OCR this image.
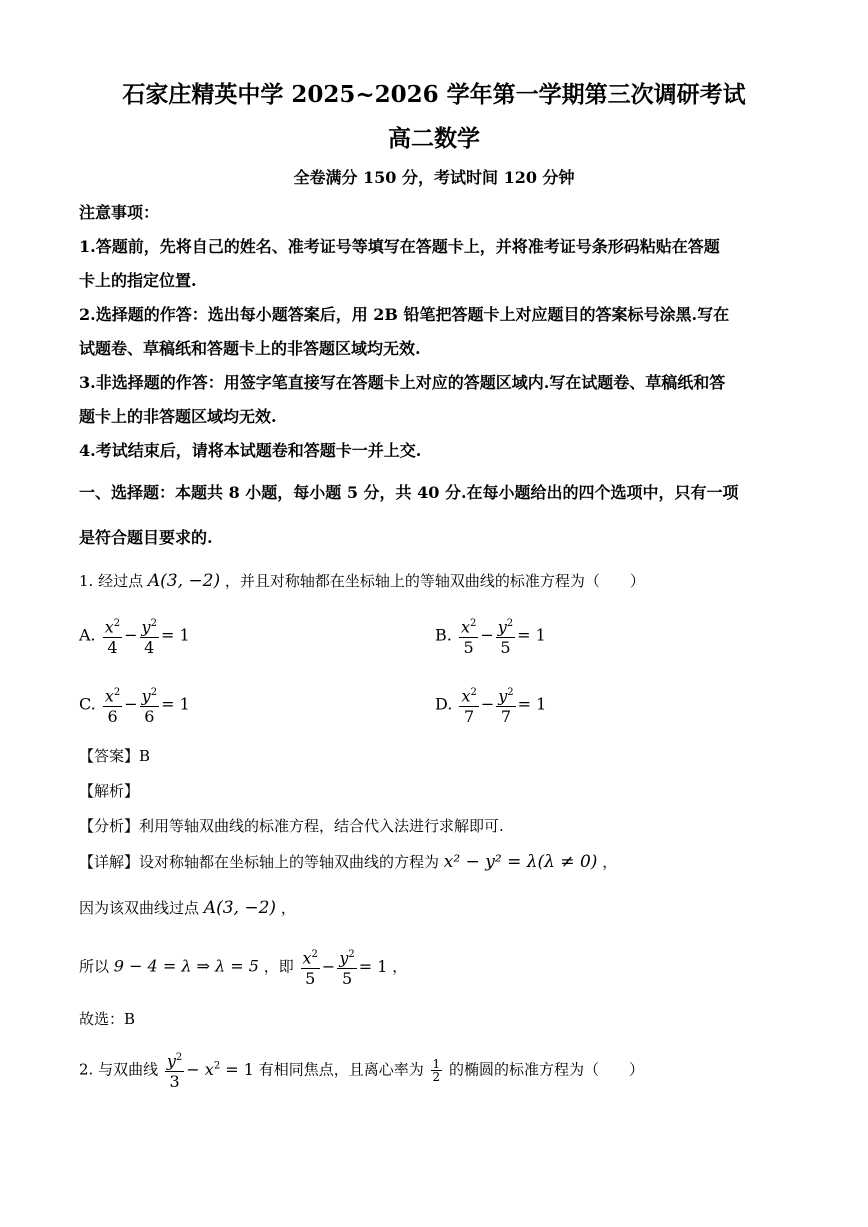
石家庄精英中学 2025~2026 学年第一学期第三次调研考试
高二数学
全卷满分 150 分，考试时间 120 分钟
注意事项：
1.答题前，先将自己的姓名、准考证号等填写在答题卡上，并将准考证号条形码粘贴在答题
卡上的指定位置.
2.选择题的作答：选出每小题答案后，用 2B 铅笔把答题卡上对应题目的答案标号涂黑.写在
试题卷、草稿纸和答题卡上的非答题区域均无效.
3.非选择题的作答：用签字笔直接写在答题卡上对应的答题区域内.写在试题卷、草稿纸和答
题卡上的非答题区域均无效.
4.考试结束后，请将本试题卷和答题卡一并上交.
一、选择题：本题共 8 小题，每小题 5 分，共 40 分.在每小题给出的四个选项中，只有一项
是符合题目要求的.
1. 经过点 A(3, −2) ，并且对称轴都在坐标轴上的等轴双曲线的标准方程为（　　）
A. $\frac{x^2}{4} - \frac{y^2}{4} = 1$	B. $\frac{x^2}{5} - \frac{y^2}{5} = 1$
C. $\frac{x^2}{6} - \frac{y^2}{6} = 1$	D. $\frac{x^2}{7} - \frac{y^2}{7} = 1$
【答案】B
【解析】
【分析】利用等轴双曲线的标准方程，结合代入法进行求解即可.
【详解】设对称轴都在坐标轴上的等轴双曲线的方程为 x² − y² = λ(λ ≠ 0) ，
因为该双曲线过点 A(3, −2) ，
所以 9 − 4 = λ ⇒ λ = 5 ，即 $\frac{x^2}{5} - \frac{y^2}{5} = 1$ ，
故选：B
2. 与双曲线 $\frac{y^2}{3} - x^2 = 1$ 有相同焦点，且离心率为 $\frac{1}{2}$ 的椭圆的标准方程为（　　）
